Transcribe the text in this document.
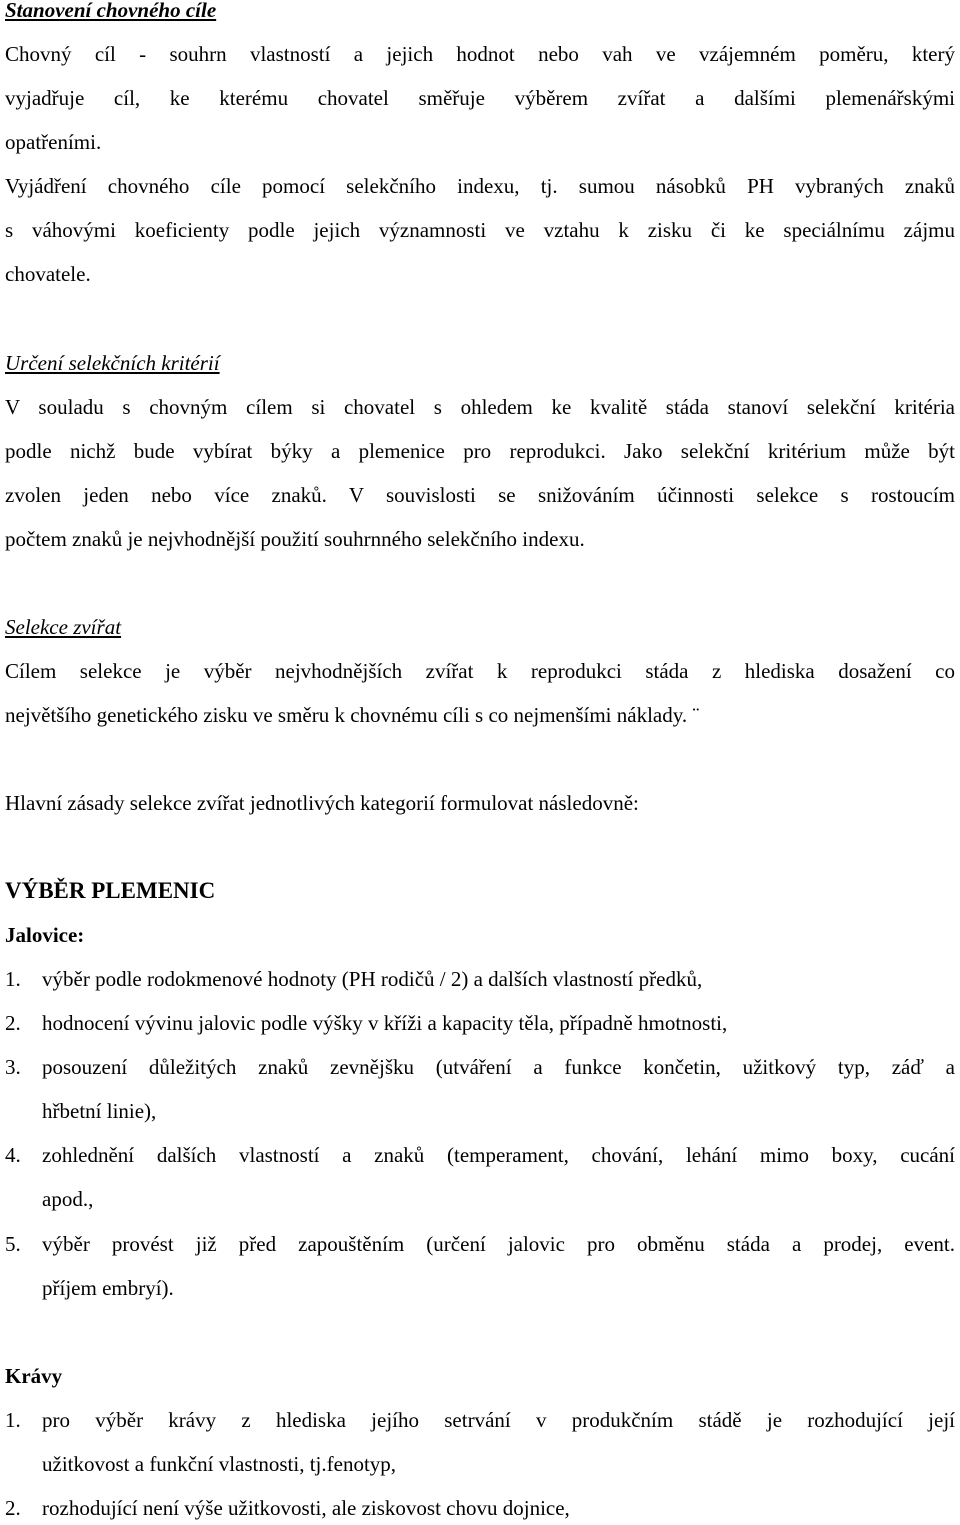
Stanovení chovného cíle
Chovný cíl - souhrn vlastností a jejich hodnot nebo vah ve vzájemném poměru, který
vyjadřuje cíl, ke kterému chovatel směřuje výběrem zvířat a dalšími plemenářskými
opatřeními.
Vyjádření chovného cíle pomocí selekčního indexu, tj. sumou násobků PH vybraných znaků
s váhovými koeficienty podle jejich významnosti ve vztahu k zisku či ke speciálnímu zájmu
chovatele.
Určení selekčních kritérií
V souladu s chovným cílem si chovatel s ohledem ke kvalitě stáda stanoví selekční kritéria
podle nichž bude vybírat býky a plemenice pro reprodukci. Jako selekční kritérium může být
zvolen jeden nebo více znaků. V souvislosti se snižováním účinnosti selekce s rostoucím
počtem znaků je nejvhodnější použití souhrnného selekčního indexu.
Selekce zvířat
Cílem selekce je výběr nejvhodnějších zvířat k reprodukci stáda z hlediska dosažení co
největšího genetického zisku ve směru k chovnému cíli s co nejmenšími náklady. ¨
Hlavní zásady selekce zvířat jednotlivých kategorií formulovat následovně:
VÝBĚR PLEMENIC
Jalovice:
1. výběr podle rodokmenové hodnoty (PH rodičů / 2) a dalších vlastností předků,
2. hodnocení vývinu jalovic podle výšky v kříži a kapacity těla, případně hmotnosti,
3. posouzení důležitých znaků zevnějšku (utváření a funkce končetin, užitkový typ, záď a
hřbetní linie),
4. zohlednění dalších vlastností a znaků (temperament, chování, lehání mimo boxy, cucání
apod.,
5. výběr provést již před zapouštěním (určení jalovic pro obměnu stáda a prodej, event.
příjem embryí).
Krávy
1. pro výběr krávy z hlediska jejího setrvání v produkčním stádě je rozhodující její
užitkovost a funkční vlastnosti, tj.fenotyp,
2. rozhodující není výše užitkovosti, ale ziskovost chovu dojnice,
